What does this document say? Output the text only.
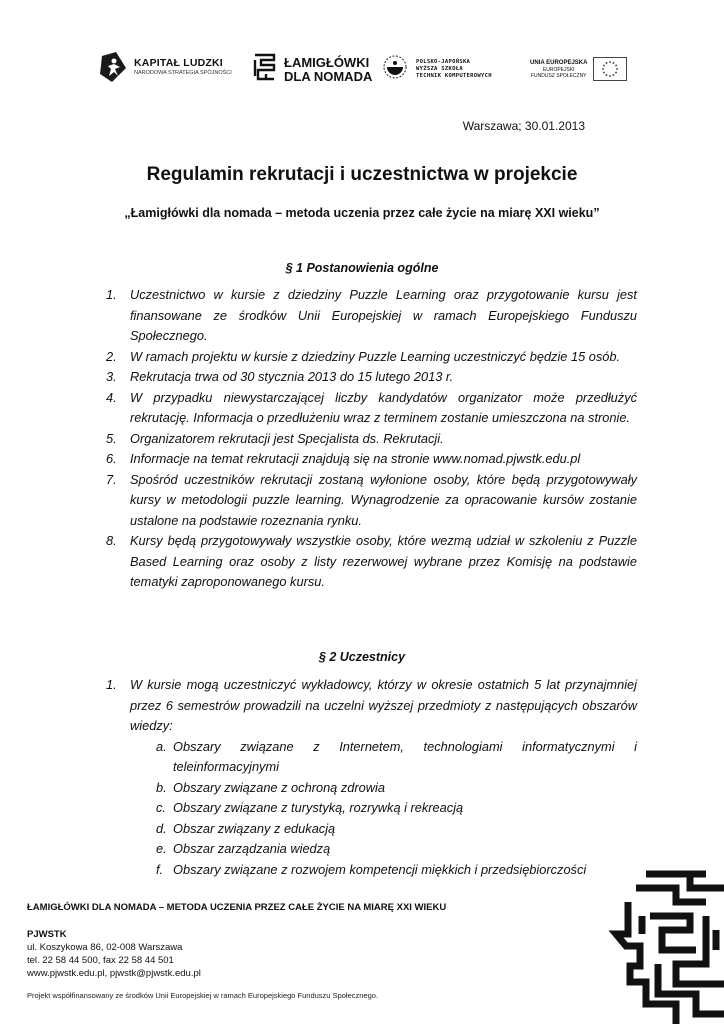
KAPITAŁ LUDZKI
NARODOWA STRATEGIA SPÓJNOŚCI
ŁAMIGŁÓWKI
DLA NOMADA
POLSKO-JAPOŃSKA
WYŻSZA SZKOŁA
TECHNIK KOMPUTEROWYCH
UNIA EUROPEJSKA
EUROPEJSKI
FUNDUSZ SPOŁECZNY
Warszawa; 30.01.2013
Regulamin rekrutacji i uczestnictwa w projekcie
„Łamigłówki dla nomada – metoda uczenia przez całe życie na miarę XXI wieku”
§ 1 Postanowienia ogólne
1. Uczestnictwo w kursie z dziedziny Puzzle Learning oraz przygotowanie kursu jest finansowane ze środków Unii Europejskiej w ramach Europejskiego Funduszu Społecznego.
2. W ramach projektu w kursie z dziedziny Puzzle Learning uczestniczyć będzie 15 osób.
3. Rekrutacja trwa od 30 stycznia 2013 do 15 lutego 2013 r.
4. W przypadku niewystarczającej liczby kandydatów organizator może przedłużyć rekrutację. Informacja o przedłużeniu wraz z terminem zostanie umieszczona na stronie.
5. Organizatorem rekrutacji jest Specjalista ds. Rekrutacji.
6. Informacje na temat rekrutacji znajdują się na stronie www.nomad.pjwstk.edu.pl
7. Spośród uczestników rekrutacji zostaną wyłonione osoby, które będą przygotowywały kursy w metodologii puzzle learning. Wynagrodzenie za opracowanie kursów zostanie ustalone na podstawie rozeznania rynku.
8. Kursy będą przygotowywały wszystkie osoby, które wezmą udział w szkoleniu z Puzzle Based Learning oraz osoby z listy rezerwowej wybrane przez Komisję na podstawie tematyki zaproponowanego kursu.
§ 2 Uczestnicy
1. W kursie mogą uczestniczyć wykładowcy, którzy w okresie ostatnich 5 lat przynajmniej przez 6 semestrów prowadzili na uczelni wyższej przedmioty z następujących obszarów wiedzy:
a. Obszary związane z Internetem, technologiami informatycznymi i teleinformacyjnymi
b. Obszary związane z ochroną zdrowia
c. Obszary związane z turystyką, rozrywką i rekreacją
d. Obszar związany z edukacją
e. Obszar zarządzania wiedzą
f. Obszary związane z rozwojem kompetencji miękkich i przedsiębiorczości
ŁAMIGŁÓWKI DLA NOMADA – METODA UCZENIA PRZEZ CAŁE ŻYCIE NA MIARĘ XXI WIEKU
PJWSTK
ul. Koszykowa 86, 02-008 Warszawa
tel. 22 58 44 500, fax 22 58 44 501
www.pjwstk.edu.pl, pjwstk@pjwstk.edu.pl
Projekt współfinansowany ze środków Unii Europejskiej w ramach Europejskiego Funduszu Społecznego.
